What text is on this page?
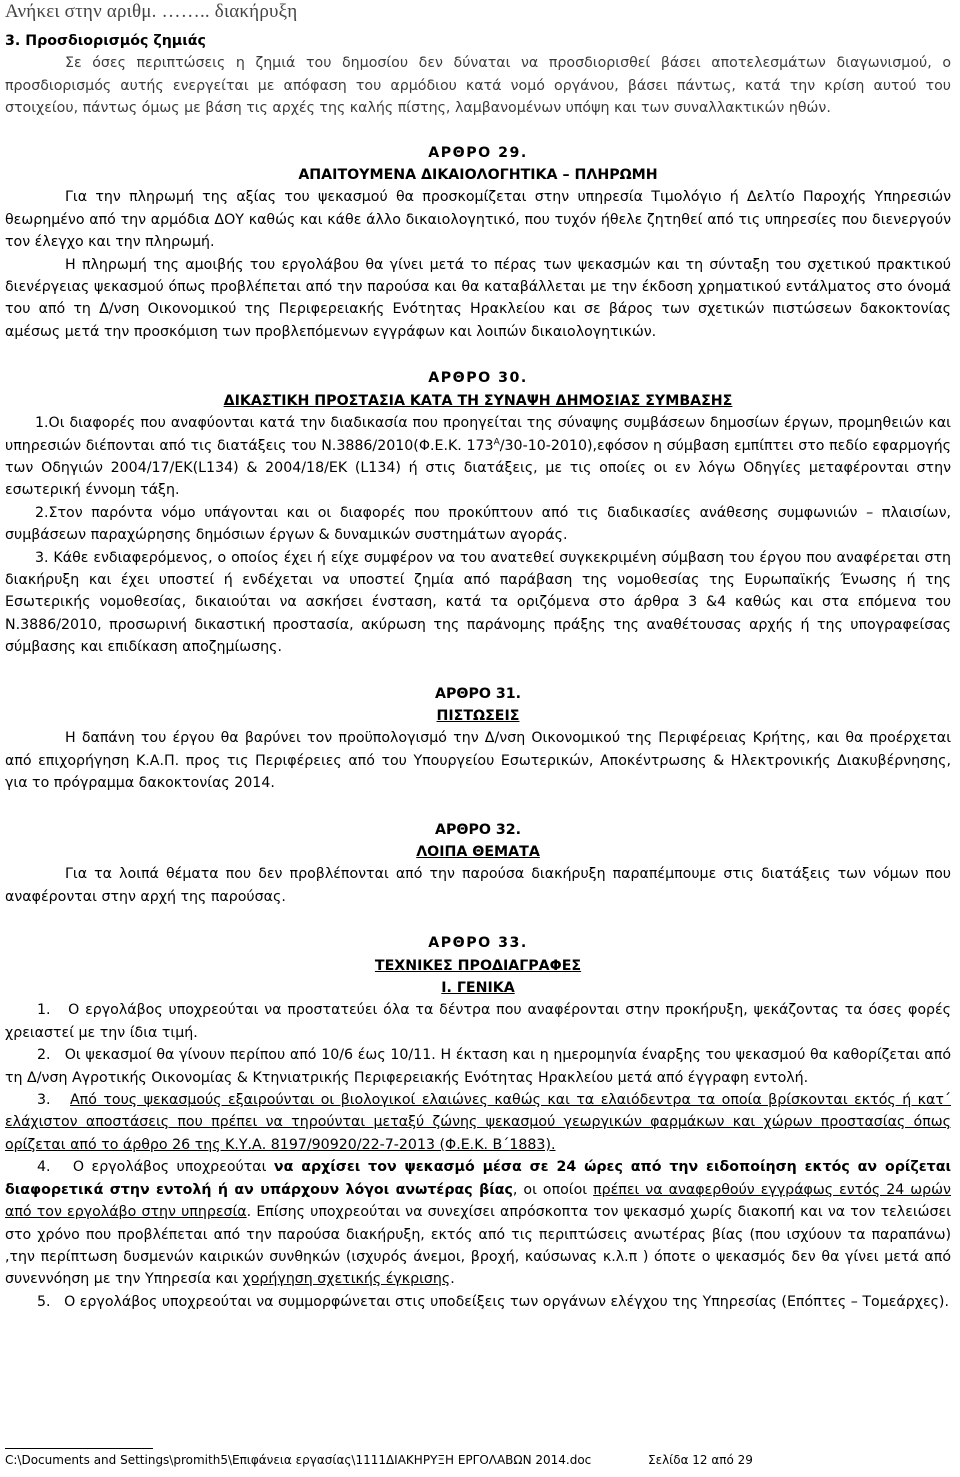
Ανήκει στην αριθμ. …….. διακήρυξη

3. Προσδιορισμός ζημιάς

Σε όσες περιπτώσεις η ζημιά του δημοσίου δεν δύναται να προσδιορισθεί βάσει αποτελεσμάτων διαγωνισμού, ο προσδιορισμός αυτής ενεργείται με απόφαση του αρμόδιου κατά νομό οργάνου, βάσει πάντως, κατά την κρίση αυτού του στοιχείου, πάντως όμως με βάση τις αρχές της καλής πίστης, λαμβανομένων υπόψη και των συναλλακτικών ηθών.

ΑΡΘΡΟ 29.

ΑΠΑΙΤΟΥΜΕΝΑ ΔΙΚΑΙΟΛΟΓΗΤΙΚΑ – ΠΛΗΡΩΜΗ

Για την πληρωμή της αξίας του ψεκασμού θα προσκομίζεται στην υπηρεσία Τιμολόγιο ή Δελτίο Παροχής Υπηρεσιών θεωρημένο από την αρμόδια ΔΟΥ καθώς και κάθε άλλο δικαιολογητικό, που τυχόν ήθελε ζητηθεί από τις υπηρεσίες που διενεργούν τον έλεγχο και την πληρωμή.

Η πληρωμή της αμοιβής του εργολάβου θα γίνει μετά το πέρας των ψεκασμών και τη σύνταξη του σχετικού πρακτικού διενέργειας ψεκασμού όπως προβλέπεται από την παρούσα και θα καταβάλλεται με την έκδοση χρηματικού εντάλματος στο όνομά του από τη Δ/νση Οικονομικού της Περιφερειακής Ενότητας Ηρακλείου και σε βάρος των σχετικών πιστώσεων δακοκτονίας αμέσως μετά την προσκόμιση των προβλεπόμενων εγγράφων και λοιπών δικαιολογητικών.

ΑΡΘΡΟ 30.

ΔΙΚΑΣΤΙΚΗ ΠΡΟΣΤΑΣΙΑ ΚΑΤΑ ΤΗ ΣΥΝΑΨΗ ΔΗΜΟΣΙΑΣ ΣΥΜΒΑΣΗΣ

1.Οι διαφορές που αναφύονται κατά την διαδικασία που προηγείται της σύναψης συμβάσεων δημοσίων έργων, προμηθειών και υπηρεσιών διέπονται από τις διατάξεις του Ν.3886/2010(Φ.Ε.Κ. $173^A/30-10-2010),\varepsilon\varphi ό\sigma o\nu$ η σύμβαση εμπίπτει στο πεδίο εφαρμογής των Οδηγιών 2004/17/ΕΚ(L134) & 2004/18/ΕΚ (L134) ή στις διατάξεις, με τις οποίες οι εν λόγω Οδηγίες μεταφέρονται στην εσωτερική έννομη τάξη.

2.Στον παρόντα νόμο υπάγονται και οι διαφορές που προκύπτουν από τις διαδικασίες ανάθεσης συμφωνιών – πλαισίων, συμβάσεων παραχώρησης δημόσιων έργων & δυναμικών συστημάτων αγοράς.

3. Κάθε ενδιαφερόμενος, ο οποίος έχει ή είχε συμφέρον να του ανατεθεί συγκεκριμένη σύμβαση του έργου που αναφέρεται στη διακήρυξη και έχει υποστεί ή ενδέχεται να υποστεί ζημία από παράβαση της νομοθεσίας της Ευρωπαϊκής Ένωσης ή της Εσωτερικής νομοθεσίας, δικαιούται να ασκήσει ένσταση, κατά τα οριζόμενα στο άρθρα 3 &4 καθώς και στα επόμενα του Ν.3886/2010, προσωρινή δικαστική προστασία, ακύρωση της παράνομης πράξης της αναθέτουσας αρχής ή της υπογραφείσας σύμβασης και επιδίκαση αποζημίωσης.

ΑΡΘΡΟ 31.

ΠΙΣΤΩΣΕΙΣ

Η δαπάνη του έργου θα βαρύνει τον προϋπολογισμό την Δ/νση Οικονομικού της Περιφέρειας Κρήτης, και θα προέρχεται από επιχορήγηση Κ.Α.Π. προς τις Περιφέρειες από του Υπουργείου Εσωτερικών, Αποκέντρωσης & Ηλεκτρονικής Διακυβέρνησης, για το πρόγραμμα δακοκτονίας 2014.

ΑΡΘΡΟ 32.

ΛΟΙΠΑ ΘΕΜΑΤΑ

Για τα λοιπά θέματα που δεν προβλέπονται από την παρούσα διακήρυξη παραπέμπουμε στις διατάξεις των νόμων που αναφέρονται στην αρχή της παρούσας.

ΑΡΘΡΟ 33.

ΤΕΧΝΙΚΕΣ ΠΡΟΔΙΑΓΡΑΦΕΣ

Ι. ΓΕΝΙΚΑ

1. Ο εργολάβος υποχρεούται να προστατεύει όλα τα δέντρα που αναφέρονται στην προκήρυξη, ψεκάζοντας τα όσες φορές χρειαστεί με την ίδια τιμή.

2. Οι ψεκασμοί θα γίνουν περίπου από 10/6 έως 10/11. Η έκταση και η ημερομηνία έναρξης του ψεκασμού θα καθορίζεται από τη Δ/νση Αγροτικής Οικονομίας & Κτηνιατρικής Περιφερειακής Ενότητας Ηρακλείου μετά από έγγραφη εντολή.

3. Από τους ψεκασμούς εξαιρούνται οι βιολογικοί ελαιώνες καθώς και τα ελαιόδεντρα τα οποία βρίσκονται εκτός ή κατ΄ ελάχιστον αποστάσεις που πρέπει να τηρούνται μεταξύ ζώνης ψεκασμού γεωργικών φαρμάκων και χώρων προστασίας όπως ορίζεται από το άρθρο 26 της Κ.Υ.Α. 8197/90920/22-7-2013 (Φ.Ε.Κ. Β΄1883).

4. Ο εργολάβος υποχρεούται να αρχίσει τον ψεκασμό μέσα σε 24 ώρες από την ειδοποίηση εκτός αν ορίζεται διαφορετικά στην εντολή ή αν υπάρχουν λόγοι ανωτέρας βίας, οι οποίοι πρέπει να αναφερθούν εγγράφως εντός 24 ωρών από τον εργολάβο στην υπηρεσία. Επίσης υποχρεούται να συνεχίσει απρόσκοπτα τον ψεκασμό χωρίς διακοπή και να τον τελειώσει στο χρόνο που προβλέπεται από την παρούσα διακήρυξη, εκτός από τις περιπτώσεις ανωτέρας βίας (που ισχύουν τα παραπάνω) ,την περίπτωση δυσμενών καιρικών συνθηκών (ισχυρός άνεμοι, βροχή, καύσωνας κ.λ.π ) όποτε ο ψεκασμός δεν θα γίνει μετά από συνεννόηση με την Υπηρεσία και χορήγηση σχετικής έγκρισης.

5. Ο εργολάβος υποχρεούται να συμμορφώνεται στις υποδείξεις των οργάνων ελέγχου της Υπηρεσίας (Επόπτες – Τομεάρχες).

C:\Documents and Settings\promith5\Επιφάνεια εργασίας\1111ΔΙΑΚΗΡΥΞΗ ΕΡΓΟΛΑΒΩΝ 2014.doc	Σελίδα 12 από 29
